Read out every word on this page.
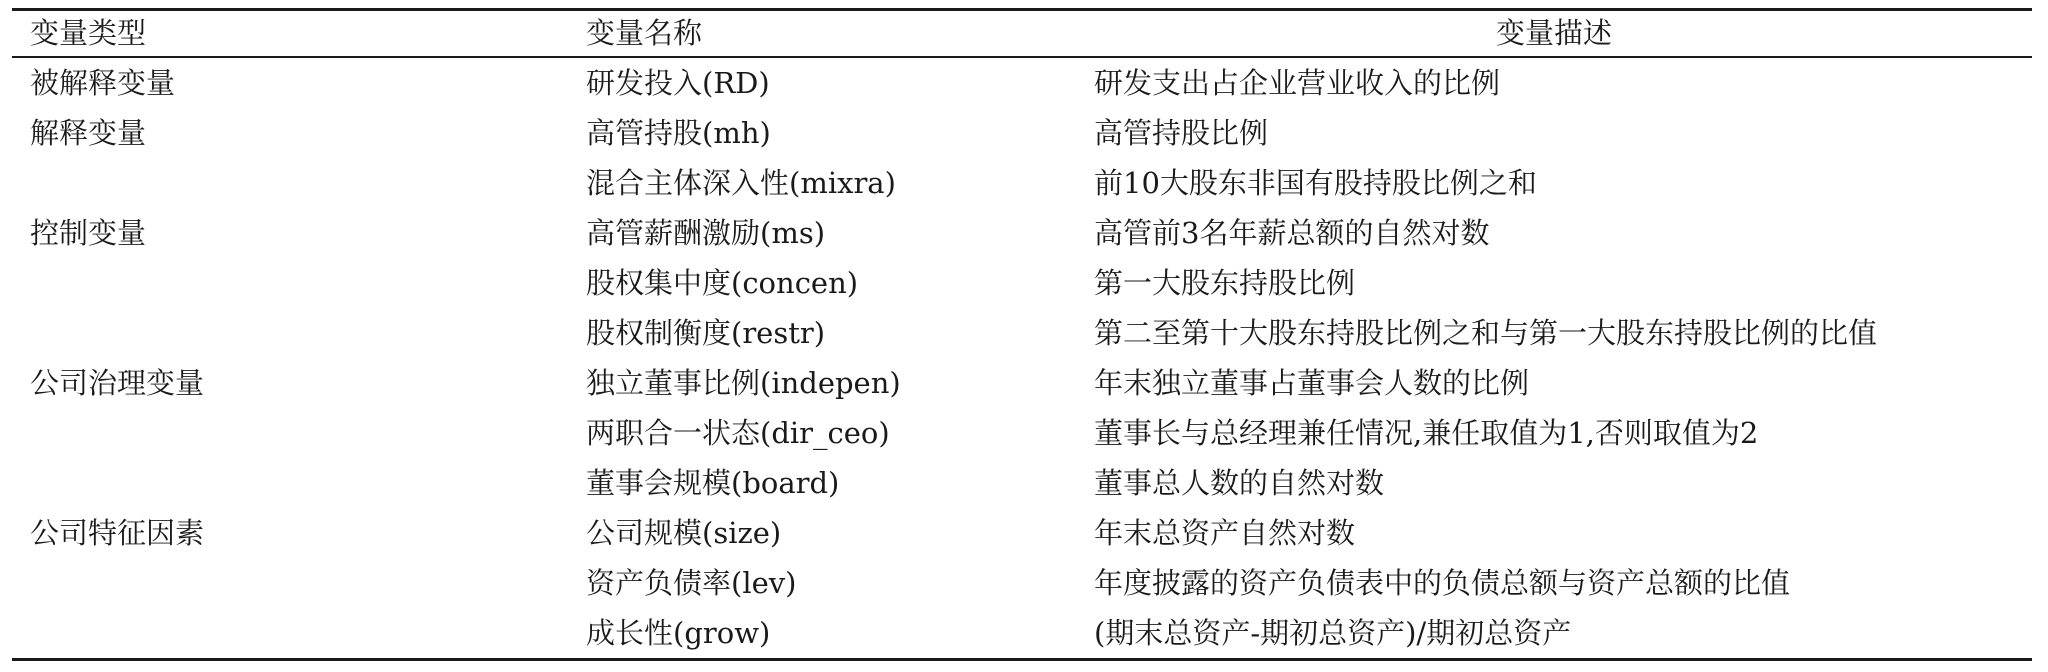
变量类型	变量名称	变量描述
被解释变量	研发投入(RD)	研发支出占企业营业收入的比例
解释变量	高管持股(mh)	高管持股比例
	混合主体深入性(mixra)	前10大股东非国有股持股比例之和
控制变量	高管薪酬激励(ms)	高管前3名年薪总额的自然对数
	股权集中度(concen)	第一大股东持股比例
	股权制衡度(restr)	第二至第十大股东持股比例之和与第一大股东持股比例的比值
公司治理变量	独立董事比例(indepen)	年末独立董事占董事会人数的比例
	两职合一状态(dir_ceo)	董事长与总经理兼任情况,兼任取值为1,否则取值为2
	董事会规模(board)	董事总人数的自然对数
公司特征因素	公司规模(size)	年末总资产自然对数
	资产负债率(lev)	年度披露的资产负债表中的负债总额与资产总额的比值
	成长性(grow)	(期末总资产-期初总资产)/期初总资产
